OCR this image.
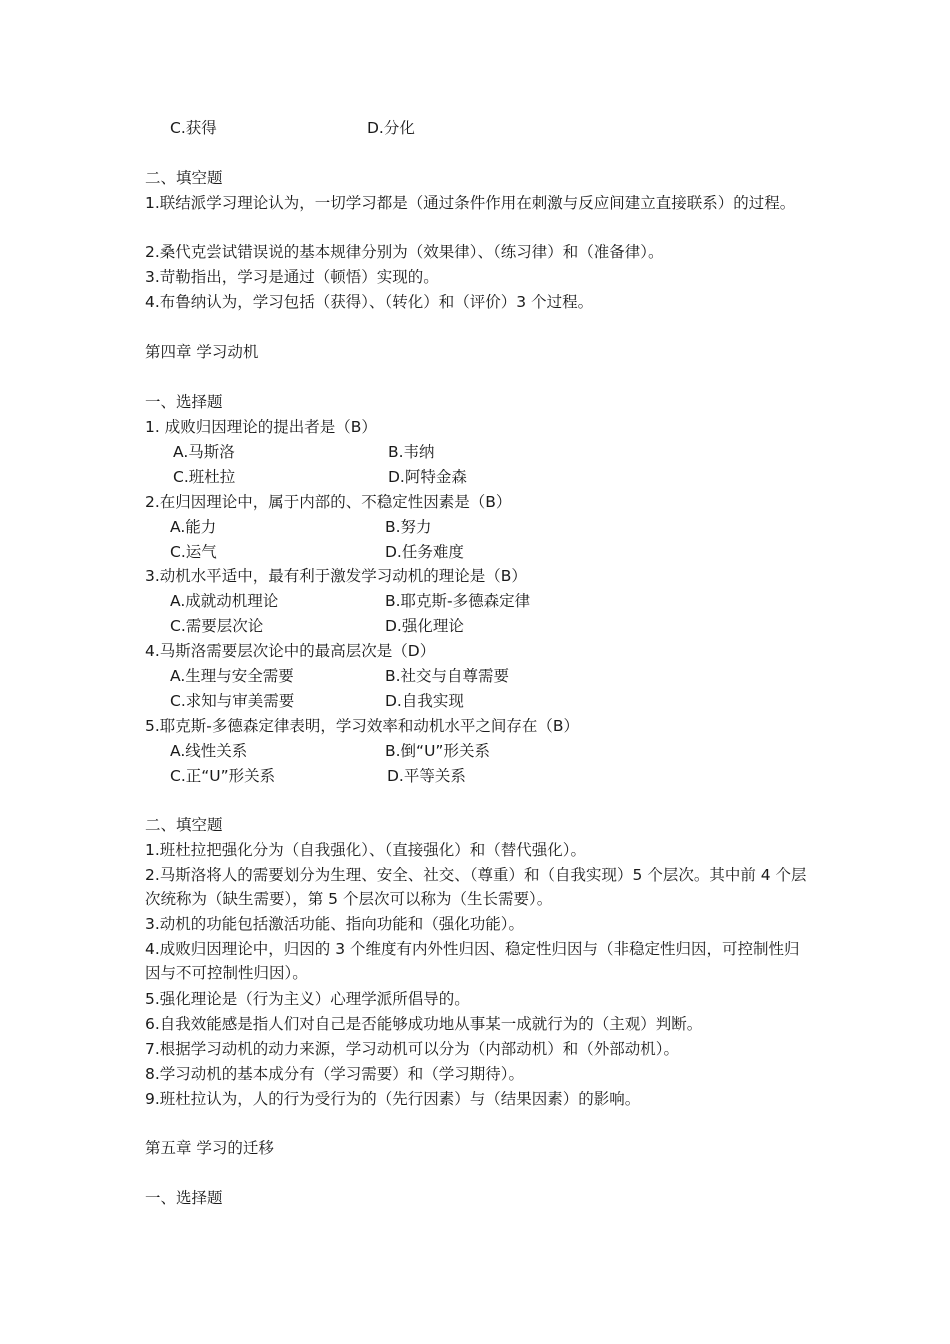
C.获得	D.分化
二、填空题
1.联结派学习理论认为，一切学习都是（通过条件作用在刺激与反应间建立直接联系）的过程。
2.桑代克尝试错误说的基本规律分别为（效果律）、（练习律）和（准备律）。
3.苛勒指出，学习是通过（顿悟）实现的。
4.布鲁纳认为，学习包括（获得）、（转化）和（评价）3 个过程。
第四章 学习动机
一、选择题
1. 成败归因理论的提出者是（B）
A.马斯洛	B.韦纳
C.班杜拉	D.阿特金森
2.在归因理论中，属于内部的、不稳定性因素是（B）
A.能力	B.努力
C.运气	D.任务难度
3.动机水平适中，最有利于激发学习动机的理论是（B）
A.成就动机理论	B.耶克斯-多德森定律
C.需要层次论	D.强化理论
4.马斯洛需要层次论中的最高层次是（D）
A.生理与安全需要	B.社交与自尊需要
C.求知与审美需要	D.自我实现
5.耶克斯-多德森定律表明，学习效率和动机水平之间存在（B）
A.线性关系	B.倒“U”形关系
C.正“U”形关系	D.平等关系
二、填空题
1.班杜拉把强化分为（自我强化）、（直接强化）和（替代强化）。
2.马斯洛将人的需要划分为生理、安全、社交、（尊重）和（自我实现）5 个层次。其中前 4 个层次统称为（缺生需要），第 5 个层次可以称为（生长需要）。
3.动机的功能包括激活功能、指向功能和（强化功能）。
4.成败归因理论中，归因的 3 个维度有内外性归因、稳定性归因与（非稳定性归因，可控制性归因与不可控制性归因）。
5.强化理论是（行为主义）心理学派所倡导的。
6.自我效能感是指人们对自己是否能够成功地从事某一成就行为的（主观）判断。
7.根据学习动机的动力来源，学习动机可以分为（内部动机）和（外部动机）。
8.学习动机的基本成分有（学习需要）和（学习期待）。
9.班杜拉认为，人的行为受行为的（先行因素）与（结果因素）的影响。
第五章 学习的迁移
一、选择题
